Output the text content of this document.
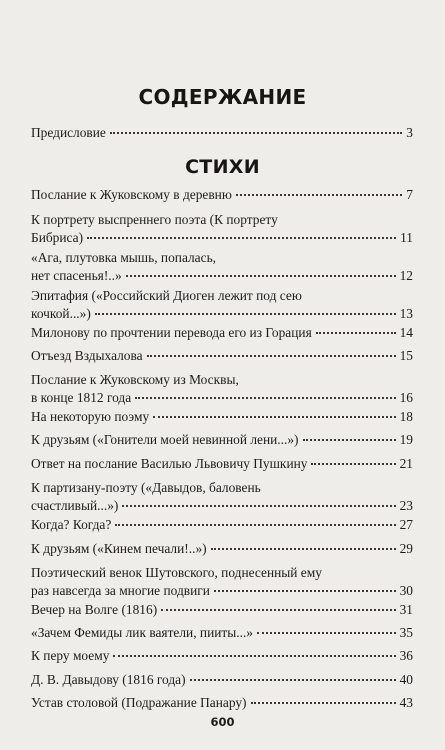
СОДЕРЖАНИЕ
Предисловие	3
СТИХИ
Послание к Жуковскому в деревню	7
К портрету выспреннего поэта (К портрету
Бибриса)	11
«Ага, плутовка мышь, попалась,
нет спасенья!..»	12
Эпитафия («Российский Диоген лежит под сею
кочкой...»)	13
Милонову по прочтении перевода его из Горация	14
Отъезд Вздыхалова	15
Послание к Жуковскому из Москвы,
в конце 1812 года	16
На некоторую поэму	18
К друзьям («Гонители моей невинной лени...»)	19
Ответ на послание Василью Львовичу Пушкину	21
К партизану-поэту («Давыдов, баловень
счастливый...»)	23
Когда? Когда?	27
К друзьям («Кинем печали!..»)	29
Поэтический венок Шутовского, поднесенный ему
раз навсегда за многие подвиги	30
Вечер на Волге (1816)	31
«Зачем Фемиды лик ваятели, пииты...»	35
К перу моему	36
Д. В. Давыдову (1816 года)	40
Устав столовой (Подражание Панару)	43
600
